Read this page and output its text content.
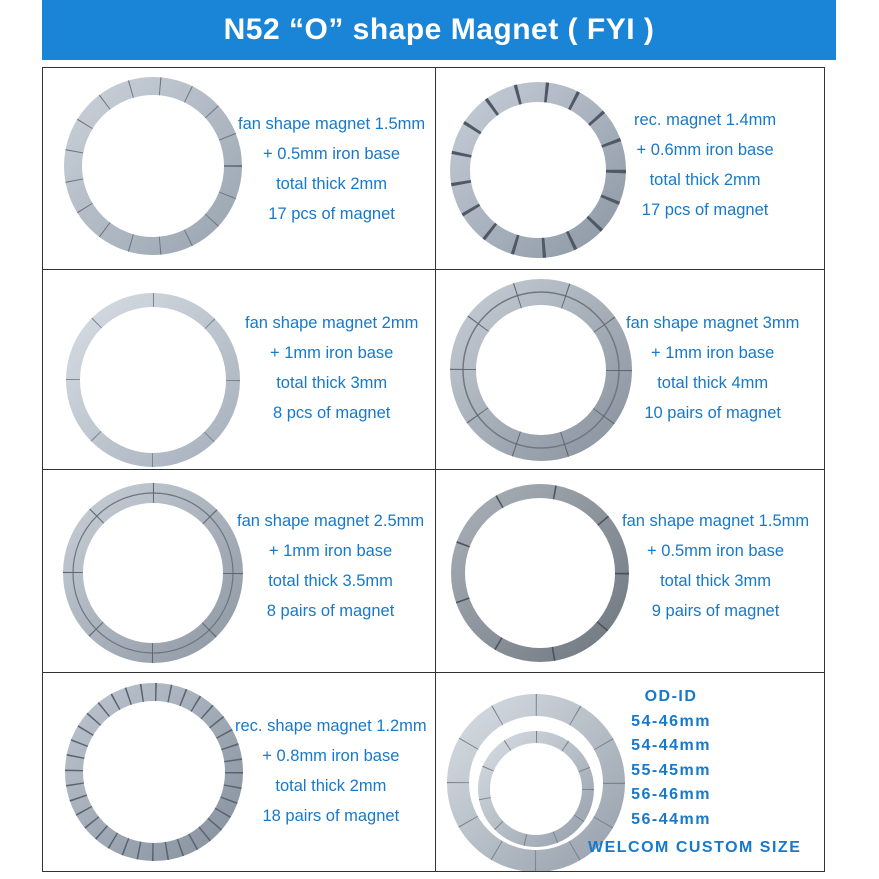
N52 “O” shape Magnet ( FYI )
fan shape magnet 1.5mm
+ 0.5mm iron base
total thick 2mm
17 pcs of magnet
rec. magnet 1.4mm
+ 0.6mm iron base
total thick 2mm
17 pcs of magnet
fan shape magnet 2mm
+ 1mm iron base
total thick 3mm
8 pcs of magnet
fan shape magnet 3mm
+ 1mm iron base
total thick 4mm
10 pairs of magnet
fan shape magnet 2.5mm
+ 1mm iron base
total thick 3.5mm
8 pairs of magnet
fan shape magnet 1.5mm
+ 0.5mm iron base
total thick 3mm
9 pairs of magnet
rec. shape magnet 1.2mm
+ 0.8mm iron base
total thick 2mm
18 pairs of magnet
OD-ID
54-46mm
54-44mm
55-45mm
56-46mm
56-44mm
WELCOM CUSTOM SIZE
